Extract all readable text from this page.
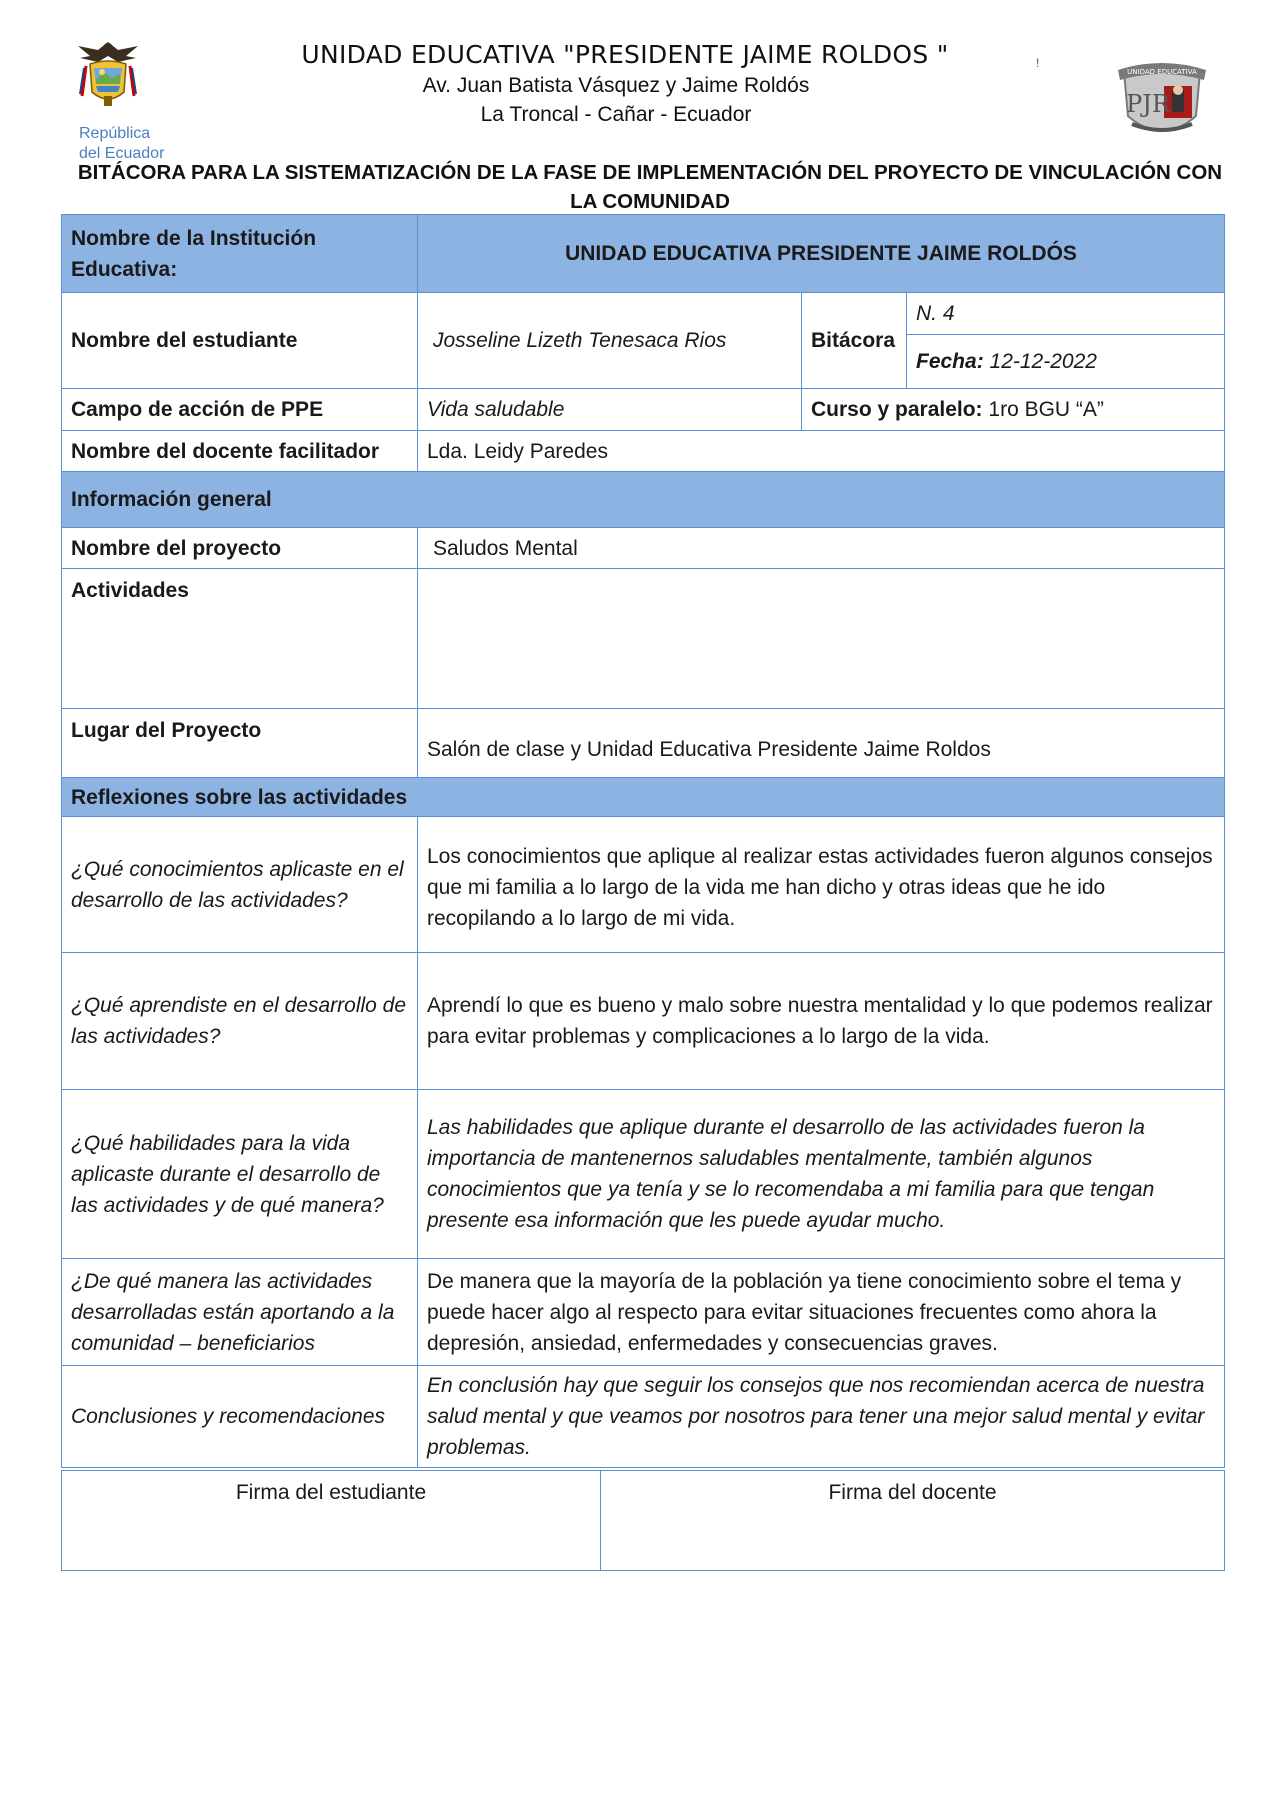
República
del Ecuador
UNIDAD EDUCATIVA "PRESIDENTE JAIME ROLDOS "
Av. Juan Batista Vásquez y Jaime Roldós
La Troncal - Cañar - Ecuador
!
UNIDAD EDUCATIVA
PJR
BITÁCORA PARA LA SISTEMATIZACIÓN DE LA FASE DE IMPLEMENTACIÓN DEL PROYECTO DE VINCULACIÓN CON
LA COMUNIDAD
Nombre de la Institución Educativa:	UNIDAD EDUCATIVA PRESIDENTE JAIME ROLDÓS		
Nombre del estudiante	Josseline Lizeth Tenesaca Rios	Bitácora	N. 4
			Fecha: 12-12-2022
Campo de acción de PPE	Vida saludable	Curso y paralelo: 1ro BGU “A”	
Nombre del docente facilitador	Lda. Leidy Paredes		
Información general			
Nombre del proyecto	Saludos Mental		
Actividades			
Lugar del Proyecto	Salón de clase y Unidad Educativa Presidente Jaime Roldos		
Reflexiones sobre las actividades			
¿Qué conocimientos aplicaste en el desarrollo de las actividades?	Los conocimientos que aplique al realizar estas actividades fueron algunos consejos que mi familia a lo largo de la vida me han dicho y otras ideas que he ido recopilando a lo largo de mi vida.		
¿Qué aprendiste en el desarrollo de las actividades?	Aprendí lo que es bueno y malo sobre nuestra mentalidad y lo que podemos realizar para evitar problemas y complicaciones a lo largo de la vida.		
¿Qué habilidades para la vida aplicaste durante el desarrollo de las actividades y de qué manera?	Las habilidades que aplique durante el desarrollo de las actividades fueron la importancia de mantenernos saludables mentalmente, también algunos conocimientos que ya tenía y se lo recomendaba a mi familia para que tengan presente esa información que les puede ayudar mucho.		
¿De qué manera las actividades desarrolladas están aportando a la comunidad – beneficiarios	De manera que la mayoría de la población ya tiene conocimiento sobre el tema y puede hacer algo al respecto para evitar situaciones frecuentes como ahora la depresión, ansiedad, enfermedades y consecuencias graves.		
Conclusiones y recomendaciones	En conclusión hay que seguir los consejos que nos recomiendan acerca de nuestra salud mental y que veamos por nosotros para tener una mejor salud mental y evitar problemas.		
Firma del estudiante	Firma del docente
